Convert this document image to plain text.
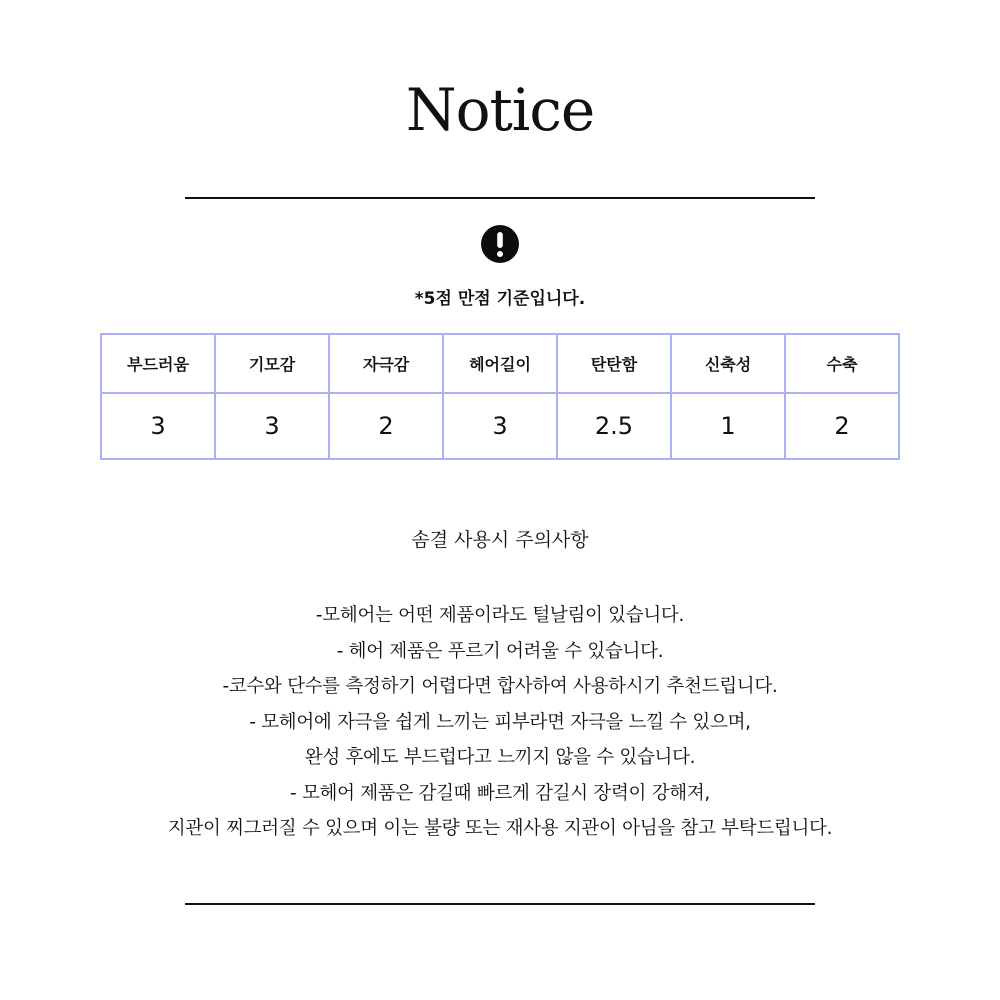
Notice
*5점 만점 기준입니다.
부드러움	기모감	자극감	헤어길이	탄탄함	신축성	수축
3	3	2	3	2.5	1	2
솜결 사용시 주의사항
-모헤어는 어떤 제품이라도 털날림이 있습니다.
- 헤어 제품은 푸르기 어려울 수 있습니다.
-코수와 단수를 측정하기 어렵다면 합사하여 사용하시기 추천드립니다.
- 모헤어에 자극을 쉽게 느끼는 피부라면 자극을 느낄 수 있으며,
완성 후에도 부드럽다고 느끼지 않을 수 있습니다.
- 모헤어 제품은 감길때 빠르게 감길시 장력이 강해져,
지관이 찌그러질 수 있으며 이는 불량 또는 재사용 지관이 아님을 참고 부탁드립니다.
